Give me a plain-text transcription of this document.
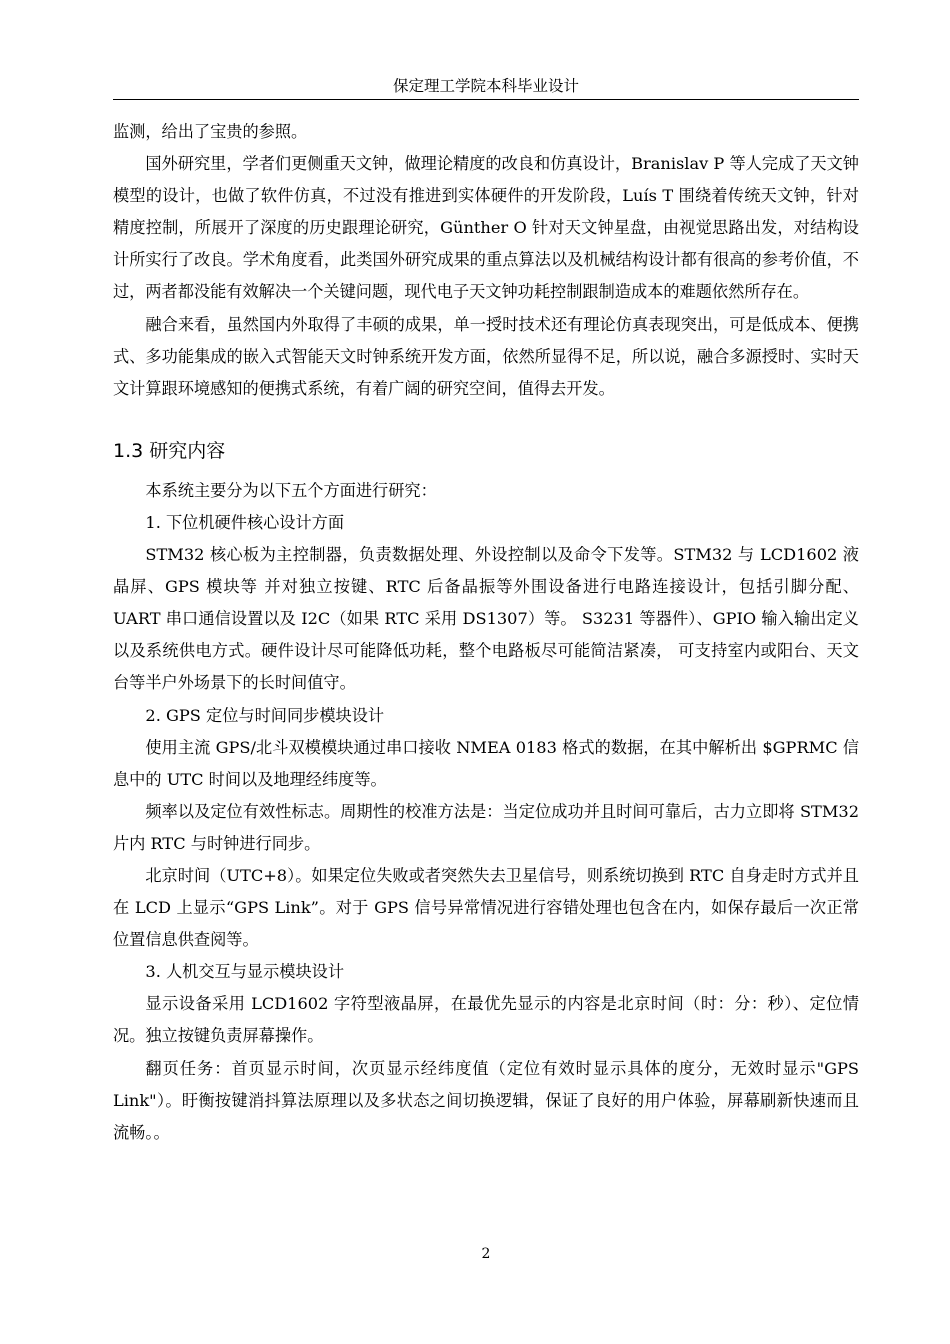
保定理工学院本科毕业设计

监测，给出了宝贵的参照。

国外研究里，学者们更侧重天文钟，做理论精度的改良和仿真设计，Branislav P 等人完成了天文钟模型的设计，也做了软件仿真，不过没有推进到实体硬件的开发阶段，Luís T 围绕着传统天文钟，针对精度控制，所展开了深度的历史跟理论研究，Günther O 针对天文钟星盘，由视觉思路出发，对结构设计所实行了改良。学术角度看，此类国外研究成果的重点算法以及机械结构设计都有很高的参考价值，不过，两者都没能有效解决一个关键问题，现代电子天文钟功耗控制跟制造成本的难题依然所存在。

融合来看，虽然国内外取得了丰硕的成果，单一授时技术还有理论仿真表现突出，可是低成本、便携式、多功能集成的嵌入式智能天文时钟系统开发方面，依然所显得不足，所以说，融合多源授时、实时天文计算跟环境感知的便携式系统，有着广阔的研究空间，值得去开发。

1.3 研究内容

本系统主要分为以下五个方面进行研究：

1. 下位机硬件核心设计方面

STM32 核心板为主控制器，负责数据处理、外设控制以及命令下发等。STM32 与 LCD1602 液晶屏、GPS 模块等 并对独立按键、RTC 后备晶振等外围设备进行电路连接设计，包括引脚分配、UART 串口通信设置以及 I2C（如果 RTC 采用 DS1307）等。 S3231 等器件）、GPIO 输入输出定义以及系统供电方式。硬件设计尽可能降低功耗，整个电路板尽可能简洁紧凑， 可支持室内或阳台、天文台等半户外场景下的长时间值守。

2. GPS 定位与时间同步模块设计

使用主流 GPS/北斗双模模块通过串口接收 NMEA 0183 格式的数据，在其中解析出 $GPRMC 信息中的 UTC 时间以及地理经纬度等。

频率以及定位有效性标志。周期性的校准方法是：当定位成功并且时间可靠后，古力立即将 STM32 片内 RTC 与时钟进行同步。

北京时间（UTC+8）。如果定位失败或者突然失去卫星信号，则系统切换到 RTC 自身走时方式并且在 LCD 上显示“GPS Link”。对于 GPS 信号异常情况进行容错处理也包含在内，如保存最后一次正常位置信息供查阅等。

3. 人机交互与显示模块设计

显示设备采用 LCD1602 字符型液晶屏，在最优先显示的内容是北京时间（时：分：秒）、定位情况。独立按键负责屏幕操作。

翻页任务：首页显示时间，次页显示经纬度值（定位有效时显示具体的度分，无效时显示"GPS Link"）。盱衡按键消抖算法原理以及多状态之间切换逻辑，保证了良好的用户体验，屏幕刷新快速而且流畅。。

2
